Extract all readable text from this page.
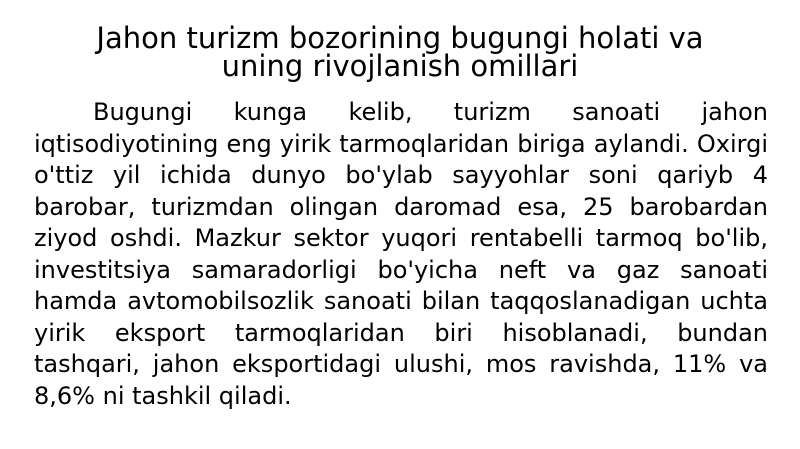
Jahon turizm bozorining bugungi holati va uning rivojlanish omillari

Bugungi kunga kelib, turizm sanoati jahon iqtisodiyotining eng yirik tarmoqlaridan biriga aylandi. Oxirgi o'ttiz yil ichida dunyo bo'ylab sayyohlar soni qariyb 4 barobar, turizmdan olingan daromad esa, 25 barobardan ziyod oshdi. Mazkur sektor yuqori rentabelli tarmoq bo'lib, investitsiya samaradorligi bo'yicha neft va gaz sanoati hamda avtomobilsozlik sanoati bilan taqqoslanadigan uchta yirik eksport tarmoqlaridan biri hisoblanadi, bundan tashqari, jahon eksportidagi ulushi, mos ravishda, 11% va 8,6% ni tashkil qiladi.
